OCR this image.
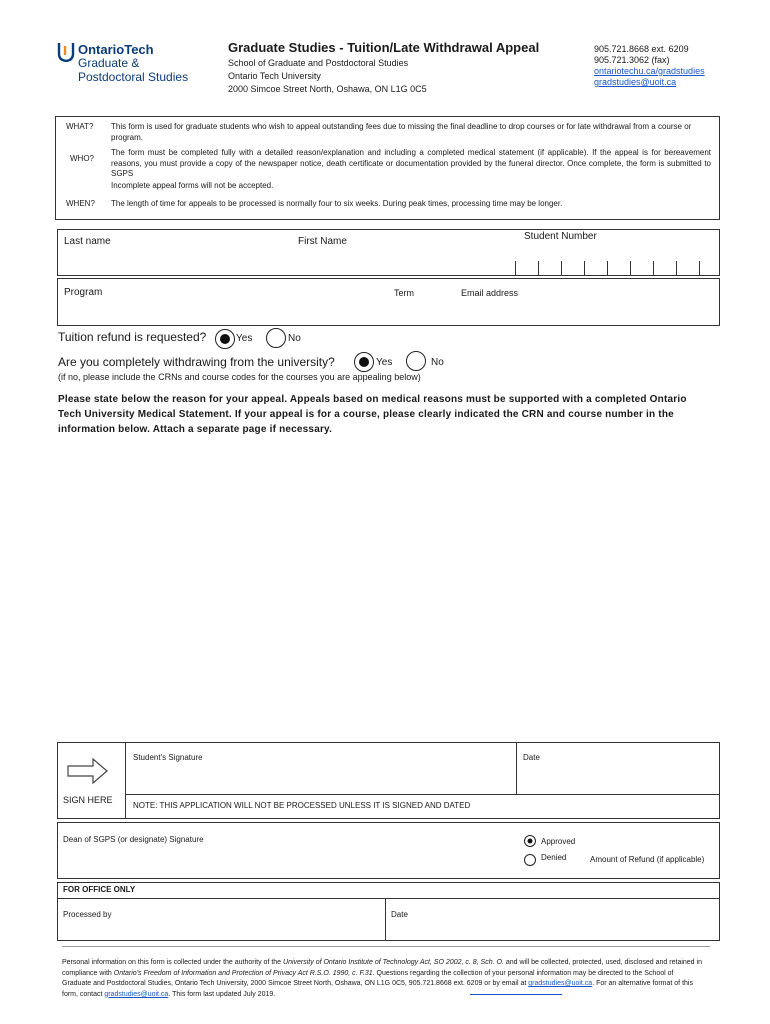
OntarioTech
Graduate &
Postdoctoral Studies
Graduate Studies - Tuition/Late Withdrawal Appeal
School of Graduate and Postdoctoral Studies
Ontario Tech University
2000 Simcoe Street North, Oshawa, ON L1G 0C5
905.721.8668 ext. 6209
905.721.3062 (fax)
ontariotechu.ca/gradstudies
gradstudies@uoit.ca
WHAT? This form is used for graduate students who wish to appeal outstanding fees due to missing the final deadline to drop courses or for late withdrawal from a course or program.
WHO?
The form must be completed fully with a detailed reason/explanation and including a completed medical statement (if applicable). If the appeal is for bereavement reasons, you must provide a copy of the newspaper notice, death certificate or documentation provided by the funeral director. Once complete, the form is submitted to SGPS
Incomplete appeal forms will not be accepted.
WHEN? The length of time for appeals to be processed is normally four to six weeks. During peak times, processing time may be longer.
Last name	First Name	Student Number
Program	Term	Email address
Tuition refund is requested?	Yes	No
Are you completely withdrawing from the university?	Yes	No
(if no, please include the CRNs and course codes for the courses you are appealing below)
Please state below the reason for your appeal. Appeals based on medical reasons must be supported with a completed Ontario Tech University Medical Statement. If your appeal is for a course, please clearly indicated the CRN and course number in the information below. Attach a separate page if necessary.
SIGN HERE
Student's Signature	Date
NOTE: THIS APPLICATION WILL NOT BE PROCESSED UNLESS IT IS SIGNED AND DATED
Dean of SGPS (or designate) Signature	Approved
Denied	Amount of Refund (if applicable)
FOR OFFICE ONLY
Processed by	Date
Personal information on this form is collected under the authority of the University of Ontario Institute of Technology Act, SO 2002, c. 8, Sch. O. and will be collected, protected, used, disclosed and retained in compliance with Ontario's Freedom of Information and Protection of Privacy Act R.S.O. 1990, c. F.31. Questions regarding the collection of your personal information may be directed to the School of Graduate and Postdoctoral Studies, Ontario Tech University, 2000 Simcoe Street North, Oshawa, ON L1G 0C5, 905.721.8668 ext. 6209 or by email at gradstudies@uoit.ca. For an alternative format of this form, contact gradstudies@uoit.ca. This form last updated July 2019.
